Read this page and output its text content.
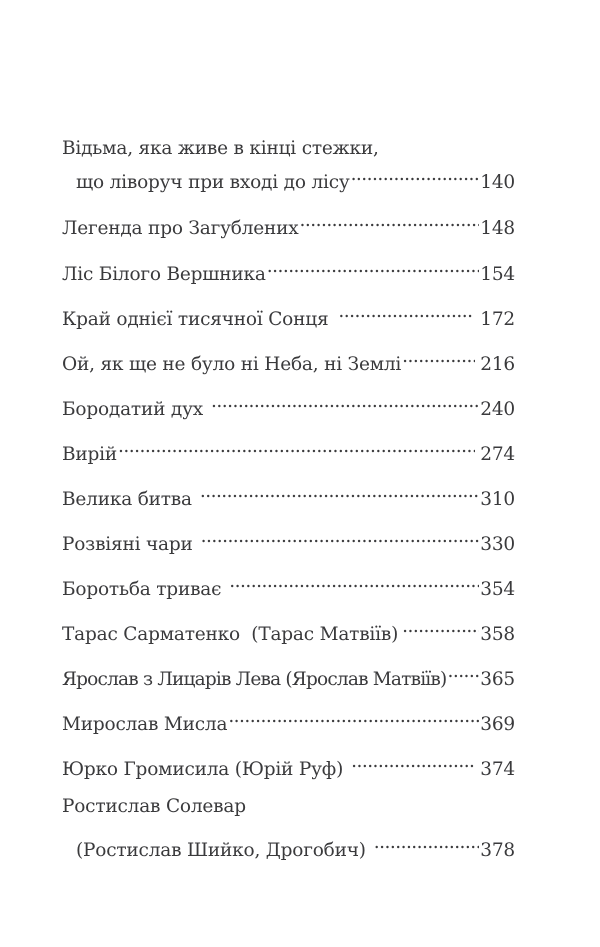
Відьма, яка живе в кінці стежки,
що ліворуч при вході до лісу . . .	140
Легенда про Загублених . . .	148
Ліс Білого Вершника . . .	154
Край однієї тисячної Сонця . . .	172
Ой, як ще не було ні Неба, ні Землі . . .	216
Бородатий дух . . .	240
Вирій . . .	274
Велика битва . . .	310
Розвіяні чари . . .	330
Боротьба триває . . .	354
Тарас Сарматенко  (Тарас Матвіїв) . . .	358
Ярослав з Лицарів Лева (Ярослав Матвіїв) . . . 365
Мирослав Мисла . . .	369
Юрко Громисила (Юрій Руф) . . .	374
Ростислав Солевар
(Ростислав Шийко, Дрогобич) . . .	378
